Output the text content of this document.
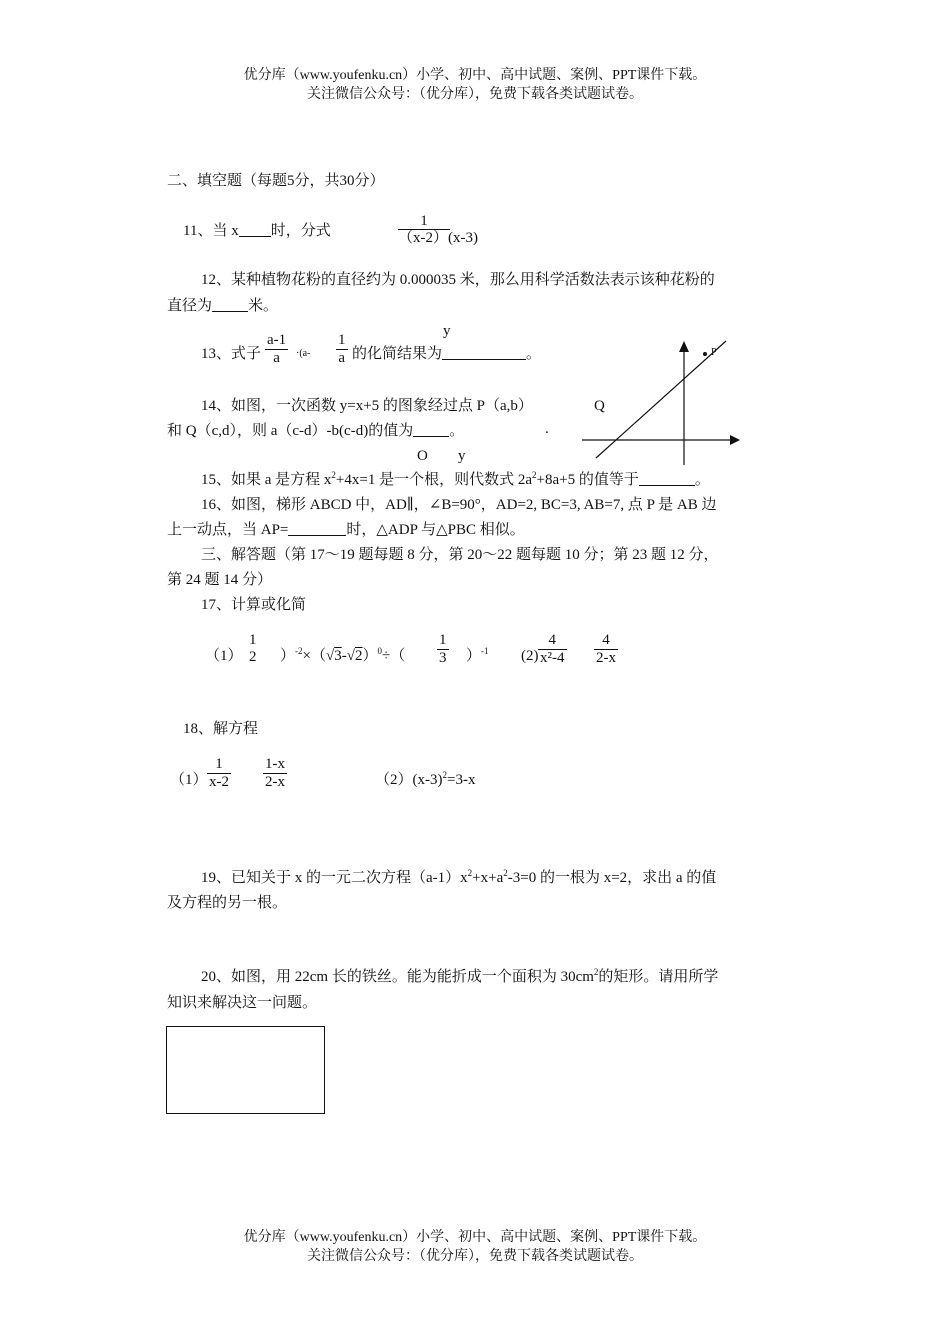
优分库（www.youfenku.cn）小学、初中、高中试题、案例、PPT课件下载。
关注微信公众号：（优分库），免费下载各类试题试卷。
二、填空题（每题5分，共30分）
11、当 x 时，分式
1
（x-2）(x-3)
12、某种植物花粉的直径约为 0.000035 米，那么用科学活数法表示该种花粉的
直径为 米。
13、式子 $\frac{a-1}{a} \cdot(a- \frac{1}{a}$ 的化简结果为	。
y
Q
.
O y
P
14、如图，一次函数 y=x+5 的图象经过点 P（a,b）
和 Q（c,d），则 a（c-d）-b(c-d)的值为 。
15、如果 a 是方程 $x^2+4x=1$ 是一个根，则代数式 $2a^2+8a+5$ 的值等于	。
16、如图，梯形 ABCD 中，AD∥，∠B=90°，AD=2, BC=3, AB=7, 点 P 是 AB 边
上一动点，当 AP=	时，△ADP 与△PBC 相似。
三、解答题（第 17～19 题每题 8 分，第 20～22 题每题 10 分；第 23 题 12 分，
第 24 题 14 分）
17、计算或化简
（1）
1
2 ）$^{-2}\times(√3-√2)^0\div( \frac{1}{3} )^{-1}$ $(2) \frac{4}{\text{x²-4}} \frac{4}{2-x}$
18、解方程
$(1) \frac{1}{x-2} \frac{1-x}{2-x}$	$(2)(x-3)^2=3-x$
19、已知关于 x 的一元二次方程$(a-1)x^2+x+a^2-3=0$ 的一根为 x=2，求出 a 的值
及方程的另一根。
20、如图，用 22cm 长的铁丝。能为能折成一个面积为 $30cm^2$的矩形。请用所学
知识来解决这一问题。
优分库（www.youfenku.cn）小学、初中、高中试题、案例、PPT课件下载。
关注微信公众号：（优分库），免费下载各类试题试卷。
